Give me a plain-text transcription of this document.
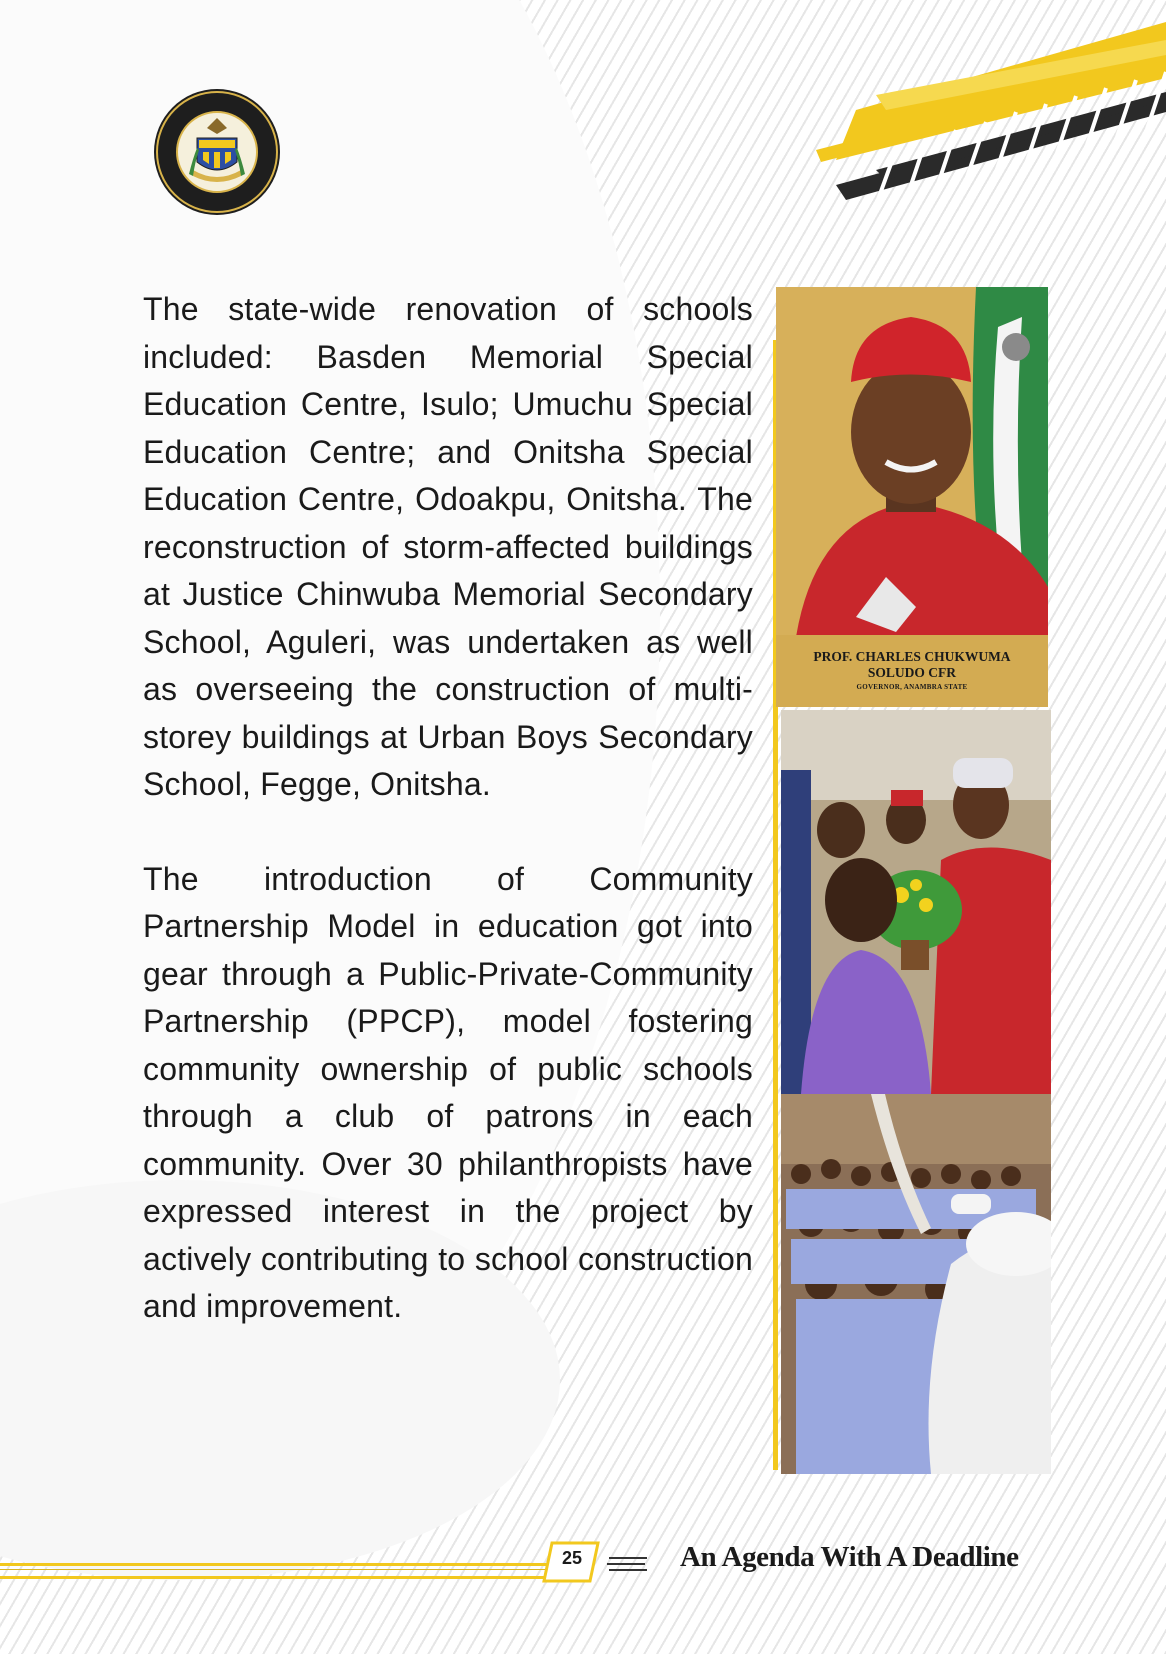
The state-wide renovation of schools included: Basden Memorial Special Education Centre, Isulo; Umuchu Special Education Centre; and Onitsha Special Education Centre, Odoakpu, Onitsha. The reconstruction of storm-affected buildings at Justice Chinwuba Memorial Secondary School, Aguleri, was undertaken as well as overseeing the construction of multi-storey buildings at Urban Boys Secondary School, Fegge, Onitsha.

The introduction of Community Partnership Model in education got into gear through a Public-Private-Community Partnership (PPCP), model fostering community ownership of public schools through a club of patrons in each community. Over 30 philanthropists have expressed interest in the project by actively contributing to school construction and improvement.

PROF. CHARLES CHUKWUMA
SOLUDO CFR
GOVERNOR, ANAMBRA STATE
25	An Agenda With A Deadline
